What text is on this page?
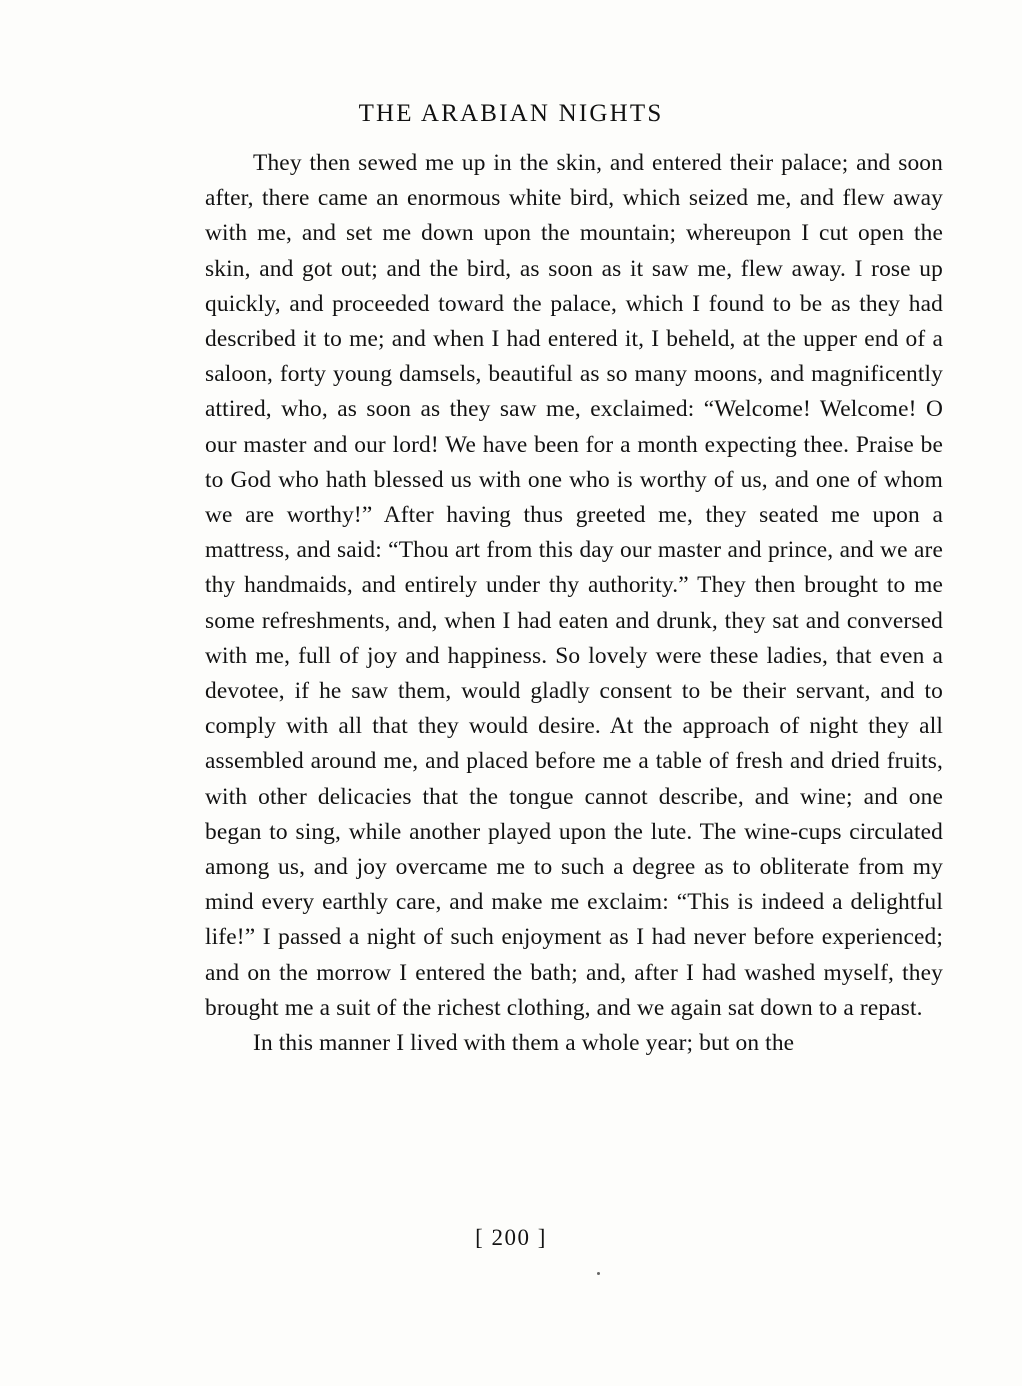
THE ARABIAN NIGHTS

They then sewed me up in the skin, and entered their palace; and soon after, there came an enormous white bird, which seized me, and flew away with me, and set me down upon the mountain; whereupon I cut open the skin, and got out; and the bird, as soon as it saw me, flew away. I rose up quickly, and proceeded toward the palace, which I found to be as they had described it to me; and when I had entered it, I beheld, at the upper end of a saloon, forty young damsels, beautiful as so many moons, and magnificently attired, who, as soon as they saw me, exclaimed: “Welcome! Welcome! O our master and our lord! We have been for a month expecting thee. Praise be to God who hath blessed us with one who is worthy of us, and one of whom we are worthy!” After having thus greeted me, they seated me upon a mattress, and said: “Thou art from this day our master and prince, and we are thy handmaids, and entirely under thy authority.” They then brought to me some refreshments, and, when I had eaten and drunk, they sat and conversed with me, full of joy and happiness. So lovely were these ladies, that even a devotee, if he saw them, would gladly consent to be their servant, and to comply with all that they would desire. At the approach of night they all assembled around me, and placed before me a table of fresh and dried fruits, with other delicacies that the tongue cannot describe, and wine; and one began to sing, while another played upon the lute. The wine-cups circulated among us, and joy overcame me to such a degree as to obliterate from my mind every earthly care, and make me exclaim: “This is indeed a delightful life!” I passed a night of such enjoyment as I had never before experienced; and on the morrow I entered the bath; and, after I had washed myself, they brought me a suit of the richest clothing, and we again sat down to a repast.

In this manner I lived with them a whole year; but on the

[ 200 ]
